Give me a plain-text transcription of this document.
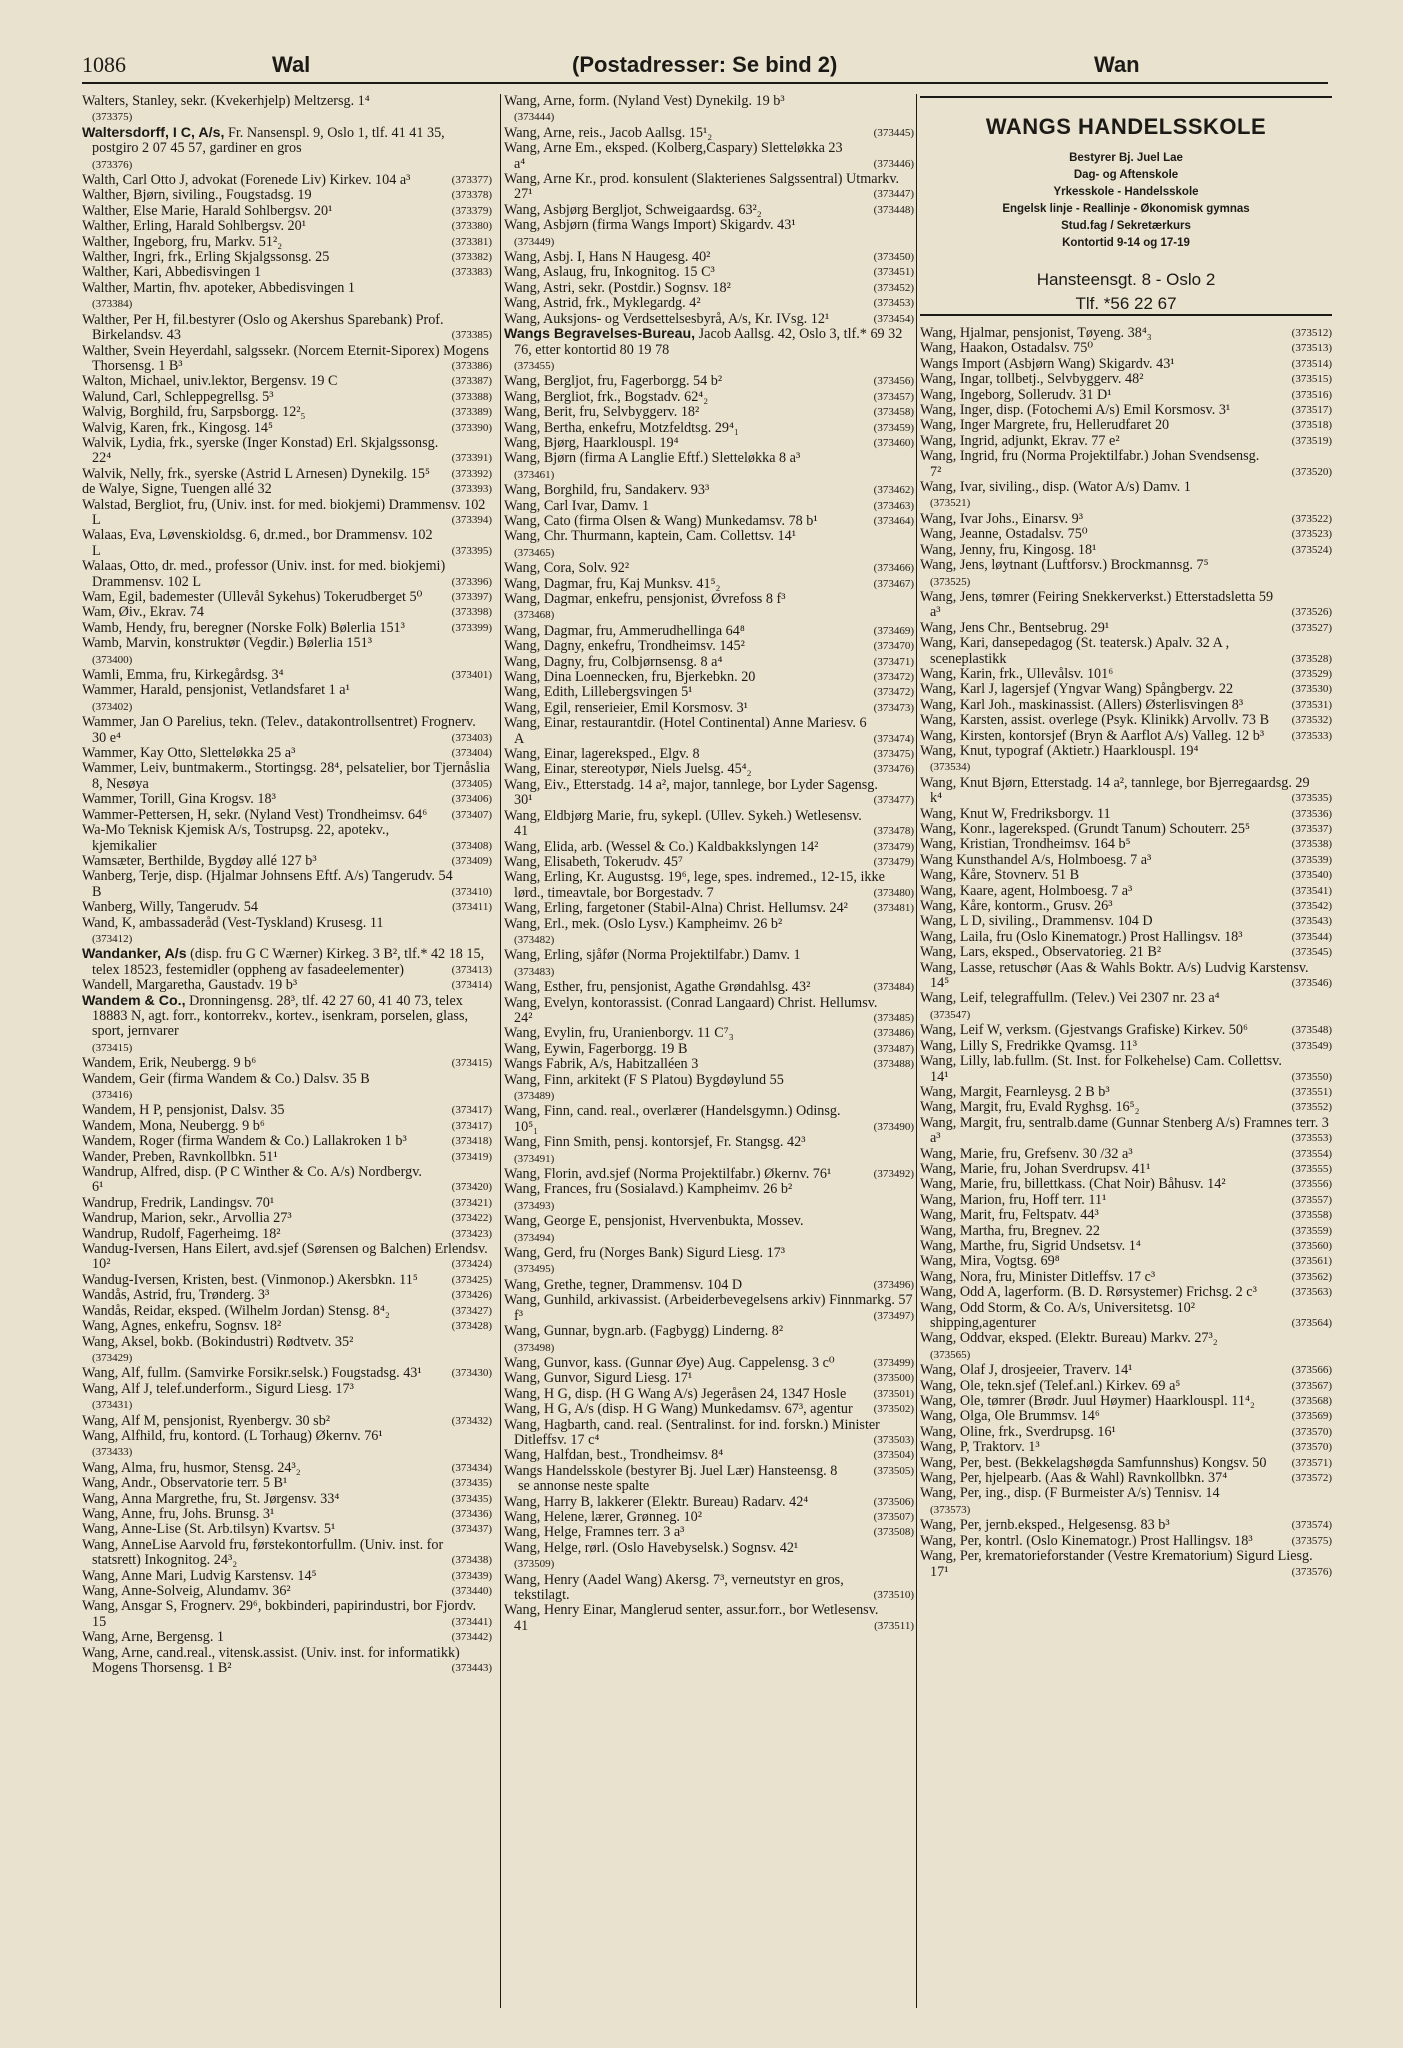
1086	Wal	(Postadresser: Se bind 2)	Wan
Walters, Stanley, sekr. (Kvekerhjelp) Meltzersg. 1⁴
(373375)
Waltersdorff, I C, A/s, Fr. Nansenspl. 9, Oslo 1, tlf. 41 41 35, postgiro 2 07 45 57, gardiner en gros
(373376)
Walth, Carl Otto J, advokat (Forenede Liv) Kirkev. 104 a³	(373377)
Walther, Bjørn, siviling., Fougstadsg. 19	(373378)
Walther, Else Marie, Harald Sohlbergsv. 20¹	(373379)
Walther, Erling, Harald Sohlbergsv. 20¹	(373380)
Walther, Ingeborg, fru, Markv. 51²₂	(373381)
Walther, Ingri, frk., Erling Skjalgssonsg. 25	(373382)
Walther, Kari, Abbedisvingen 1	(373383)
Walther, Martin, fhv. apoteker, Abbedisvingen 1
(373384)
Walther, Per H, fil.bestyrer (Oslo og Akershus Sparebank) Prof. Birkelandsv. 43	(373385)
Walther, Svein Heyerdahl, salgssekr. (Norcem Eternit-Siporex) Mogens Thorsensg. 1 B³	(373386)
Walton, Michael, univ.lektor, Bergensv. 19 C	(373387)
Walund, Carl, Schleppegrellsg. 5³	(373388)
Walvig, Borghild, fru, Sarpsborgg. 12²₅	(373389)
Walvig, Karen, frk., Kingosg. 14⁵	(373390)
Walvik, Lydia, frk., syerske (Inger Konstad) Erl. Skjalgssonsg. 22⁴	(373391)
Walvik, Nelly, frk., syerske (Astrid L Arnesen) Dynekilg. 15⁵ (373392)
de Walye, Signe, Tuengen allé 32	(373393)
Walstad, Bergliot, fru, (Univ. inst. for med. biokjemi) Drammensv. 102 L	(373394)
Walaas, Eva, Løvenskioldsg. 6, dr.med., bor Drammensv. 102 L	(373395)
Walaas, Otto, dr. med., professor (Univ. inst. for med. biokjemi) Drammensv. 102 L	(373396)
Wam, Egil, bademester (Ullevål Sykehus) Tokerudberget 5⁰	(373397)
Wam, Øiv., Ekrav. 74	(373398)
Wamb, Hendy, fru, beregner (Norske Folk) Bølerlia 151³	(373399)
Wamb, Marvin, konstruktør (Vegdir.) Bølerlia 151³
(373400)
Wamli, Emma, fru, Kirkegårdsg. 3⁴	(373401)
Wammer, Harald, pensjonist, Vetlandsfaret 1 a¹
(373402)
Wammer, Jan O Parelius, tekn. (Telev., datakontrollsentret) Frognerv. 30 e⁴	(373403)
Wammer, Kay Otto, Sletteløkka 25 a³	(373404)
Wammer, Leiv, buntmakerm., Stortingsg. 28⁴, pelsatelier, bor Tjernåslia 8, Nesøya	(373405)
Wammer, Torill, Gina Krogsv. 18³	(373406)
Wammer-Pettersen, H, sekr. (Nyland Vest) Trondheimsv. 64⁶ (373407)
Wa-Mo Teknisk Kjemisk A/s, Tostrupsg. 22, apotekv., kjemikalier	(373408)
Wamsæter, Berthilde, Bygdøy allé 127 b³	(373409)
Wanberg, Terje, disp. (Hjalmar Johnsens Eftf. A/s) Tangerudv. 54 B	(373410)
Wanberg, Willy, Tangerudv. 54	(373411)
Wand, K, ambassaderåd (Vest-Tyskland) Krusesg. 11
(373412)
Wandanker, A/s (disp. fru G C Wærner) Kirkeg. 3 B², tlf.* 42 18 15, telex 18523, festemidler (oppheng av fasadeelementer)	(373413)
Wandell, Margaretha, Gaustadv. 19 b³	(373414)
Wandem & Co., Dronningensg. 28³, tlf. 42 27 60, 41 40 73, telex 18883 N, agt. forr., kontorrekv., kortev., isenkram, porselen, glass, sport, jernvarer
(373415)
Wandem, Erik, Neubergg. 9 b⁶	(373415)
Wandem, Geir (firma Wandem & Co.) Dalsv. 35 B
(373416)
Wandem, H P, pensjonist, Dalsv. 35	(373417)
Wandem, Mona, Neubergg. 9 b⁶	(373417)
Wandem, Roger (firma Wandem & Co.) Lallakroken 1 b³	(373418)
Wander, Preben, Ravnkollbkn. 51¹	(373419)
Wandrup, Alfred, disp. (P C Winther & Co. A/s) Nordbergv. 6¹	(373420)
Wandrup, Fredrik, Landingsv. 70¹	(373421)
Wandrup, Marion, sekr., Arvollia 27³	(373422)
Wandrup, Rudolf, Fagerheimg. 18²	(373423)
Wandug-Iversen, Hans Eilert, avd.sjef (Sørensen og Balchen) Erlendsv. 10²	(373424)
Wandug-Iversen, Kristen, best. (Vinmonop.) Akersbkn. 11⁵	(373425)
Wandås, Astrid, fru, Trønderg. 3³	(373426)
Wandås, Reidar, eksped. (Wilhelm Jordan) Stensg. 8⁴₂	(373427)
Wang, Agnes, enkefru, Sognsv. 18²	(373428)
Wang, Aksel, bokb. (Bokindustri) Rødtvetv. 35²
(373429)
Wang, Alf, fullm. (Samvirke Forsikr.selsk.) Fougstadsg. 43¹	(373430)
Wang, Alf J, telef.underform., Sigurd Liesg. 17³
(373431)
Wang, Alf M, pensjonist, Ryenbergv. 30 sb²	(373432)
Wang, Alfhild, fru, kontord. (L Torhaug) Økernv. 76¹
(373433)
Wang, Alma, fru, husmor, Stensg. 24³₂	(373434)
Wang, Andr., Observatorie terr. 5 B¹	(373435)
Wang, Anna Margrethe, fru, St. Jørgensv. 33⁴	(373435)
Wang, Anne, fru, Johs. Brunsg. 3¹	(373436)
Wang, Anne-Lise (St. Arb.tilsyn) Kvartsv. 5¹	(373437)
Wang, AnneLise Aarvold fru, førstekontorfullm. (Univ. inst. for statsrett) Inkognitog. 24³₂	(373438)
Wang, Anne Mari, Ludvig Karstensv. 14⁵	(373439)
Wang, Anne-Solveig, Alundamv. 36²	(373440)
Wang, Ansgar S, Frognerv. 29⁶, bokbinderi, papirindustri, bor Fjordv. 15	(373441)
Wang, Arne, Bergensg. 1	(373442)
Wang, Arne, cand.real., vitensk.assist. (Univ. inst. for informatikk) Mogens Thorsensg. 1 B²	(373443)
Wang, Arne, form. (Nyland Vest) Dynekilg. 19 b³
(373444)
Wang, Arne, reis., Jacob Aallsg. 15¹₂	(373445)
Wang, Arne Em., eksped. (Kolberg,Caspary) Sletteløkka 23 a⁴	(373446)
Wang, Arne Kr., prod. konsulent (Slakterienes Salgssentral) Utmarkv. 27¹	(373447)
Wang, Asbjørg Bergljot, Schweigaardsg. 63²₂	(373448)
Wang, Asbjørn (firma Wangs Import) Skigardv. 43¹
(373449)
Wang, Asbj. I, Hans N Haugesg. 40²	(373450)
Wang, Aslaug, fru, Inkognitog. 15 C³	(373451)
Wang, Astri, sekr. (Postdir.) Sognsv. 18²	(373452)
Wang, Astrid, frk., Myklegardg. 4²	(373453)
Wang, Auksjons- og Verdsettelsesbyrå, A/s, Kr. IVsg. 12¹	(373454)
Wangs Begravelses-Bureau, Jacob Aallsg. 42, Oslo 3, tlf.* 69 32 76, etter kontortid 80 19 78
(373455)
Wang, Bergljot, fru, Fagerborgg. 54 b²	(373456)
Wang, Bergliot, frk., Bogstadv. 62⁴₂	(373457)
Wang, Berit, fru, Selvbyggerv. 18²	(373458)
Wang, Bertha, enkefru, Motzfeldtsg. 29⁴₁	(373459)
Wang, Bjørg, Haarklouspl. 19⁴	(373460)
Wang, Bjørn (firma A Langlie Eftf.) Sletteløkka 8 a³
(373461)
Wang, Borghild, fru, Sandakerv. 93³	(373462)
Wang, Carl Ivar, Damv. 1	(373463)
Wang, Cato (firma Olsen & Wang) Munkedamsv. 78 b¹	(373464)
Wang, Chr. Thurmann, kaptein, Cam. Collettsv. 14¹
(373465)
Wang, Cora, Solv. 92²	(373466)
Wang, Dagmar, fru, Kaj Munksv. 41⁵₂	(373467)
Wang, Dagmar, enkefru, pensjonist, Øvrefoss 8 f³
(373468)
Wang, Dagmar, fru, Ammerudhellinga 64⁸	(373469)
Wang, Dagny, enkefru, Trondheimsv. 145²	(373470)
Wang, Dagny, fru, Colbjørnsensg. 8 a⁴	(373471)
Wang, Dina Loennecken, fru, Bjerkebkn. 20	(373472)
Wang, Edith, Lillebergsvingen 5¹	(373472)
Wang, Egil, renserieier, Emil Korsmosv. 3¹	(373473)
Wang, Einar, restaurantdir. (Hotel Continental) Anne Mariesv. 6 A	(373474)
Wang, Einar, lagereksped., Elgv. 8	(373475)
Wang, Einar, stereotypør, Niels Juelsg. 45⁴₂	(373476)
Wang, Eiv., Etterstadg. 14 a², major, tannlege, bor Lyder Sagensg. 30¹	(373477)
Wang, Eldbjørg Marie, fru, sykepl. (Ullev. Sykeh.) Wetlesensv. 41	(373478)
Wang, Elida, arb. (Wessel & Co.) Kaldbakkslyngen 14²	(373479)
Wang, Elisabeth, Tokerudv. 45⁷	(373479)
Wang, Erling, Kr. Augustsg. 19⁶, lege, spes. indremed., 12-15, ikke lørd., timeavtale, bor Borgestadv. 7	(373480)
Wang, Erling, fargetoner (Stabil-Alna) Christ. Hellumsv. 24² (373481)
Wang, Erl., mek. (Oslo Lysv.) Kampheimv. 26 b²
(373482)
Wang, Erling, sjåfør (Norma Projektilfabr.) Damv. 1
(373483)
Wang, Esther, fru, pensjonist, Agathe Grøndahlsg. 43²	(373484)
Wang, Evelyn, kontorassist. (Conrad Langaard) Christ. Hellumsv. 24²	(373485)
Wang, Evylin, fru, Uranienborgv. 11 C⁷₃	(373486)
Wang, Eywin, Fagerborgg. 19 B	(373487)
Wangs Fabrik, A/s, Habitzalléen 3	(373488)
Wang, Finn, arkitekt (F S Platou) Bygdøylund 55
(373489)
Wang, Finn, cand. real., overlærer (Handelsgymn.) Odinsg. 10⁵₁	(373490)
Wang, Finn Smith, pensj. kontorsjef, Fr. Stangsg. 42³
(373491)
Wang, Florin, avd.sjef (Norma Projektilfabr.) Økernv. 76¹	(373492)
Wang, Frances, fru (Sosialavd.) Kampheimv. 26 b²
(373493)
Wang, George E, pensjonist, Hvervenbukta, Mossev.
(373494)
Wang, Gerd, fru (Norges Bank) Sigurd Liesg. 17³
(373495)
Wang, Grethe, tegner, Drammensv. 104 D	(373496)
Wang, Gunhild, arkivassist. (Arbeiderbevegelsens arkiv) Finnmarkg. 57 f³	(373497)
Wang, Gunnar, bygn.arb. (Fagbygg) Linderng. 8²
(373498)
Wang, Gunvor, kass. (Gunnar Øye) Aug. Cappelensg. 3 c⁰	(373499)
Wang, Gunvor, Sigurd Liesg. 17¹	(373500)
Wang, H G, disp. (H G Wang A/s) Jegeråsen 24, 1347 Hosle (373501)
Wang, H G, A/s (disp. H G Wang) Munkedamsv. 67³, agentur (373502)
Wang, Hagbarth, cand. real. (Sentralinst. for ind. forskn.) Minister Ditleffsv. 17 c⁴	(373503)
Wang, Halfdan, best., Trondheimsv. 8⁴	(373504)
Wangs Handelsskole (bestyrer Bj. Juel Lær) Hansteensg. 8	(373505)
se annonse neste spalte
Wang, Harry B, lakkerer (Elektr. Bureau) Radarv. 42⁴	(373506)
Wang, Helene, lærer, Grønneg. 10²	(373507)
Wang, Helge, Framnes terr. 3 a³	(373508)
Wang, Helge, rørl. (Oslo Havebyselsk.) Sognsv. 42¹
(373509)
Wang, Henry (Aadel Wang) Akersg. 7³, verneutstyr en gros, tekstilagt.	(373510)
Wang, Henry Einar, Manglerud senter, assur.forr., bor Wetlesensv. 41	(373511)
WANGS HANDELSSKOLE
Bestyrer Bj. Juel Lae
Dag- og Aftenskole
Yrkesskole - Handelsskole
Engelsk linje - Reallinje - Økonomisk gymnas
Stud.fag / Sekretærkurs
Kontortid 9-14 og 17-19
Hansteensgt. 8 - Oslo 2
Tlf. *56 22 67
Wang, Hjalmar, pensjonist, Tøyeng. 38⁴₃	(373512)
Wang, Haakon, Ostadalsv. 75⁰	(373513)
Wangs Import (Asbjørn Wang) Skigardv. 43¹	(373514)
Wang, Ingar, tollbetj., Selvbyggerv. 48²	(373515)
Wang, Ingeborg, Sollerudv. 31 D¹	(373516)
Wang, Inger, disp. (Fotochemi A/s) Emil Korsmosv. 3¹	(373517)
Wang, Inger Margrete, fru, Hellerudfaret 20	(373518)
Wang, Ingrid, adjunkt, Ekrav. 77 e²	(373519)
Wang, Ingrid, fru (Norma Projektilfabr.) Johan Svendsensg. 7²	(373520)
Wang, Ivar, siviling., disp. (Wator A/s) Damv. 1
(373521)
Wang, Ivar Johs., Einarsv. 9³	(373522)
Wang, Jeanne, Ostadalsv. 75⁰	(373523)
Wang, Jenny, fru, Kingosg. 18¹	(373524)
Wang, Jens, løytnant (Luftforsv.) Brockmannsg. 7⁵
(373525)
Wang, Jens, tømrer (Feiring Snekkerverkst.) Etterstadsletta 59 a³	(373526)
Wang, Jens Chr., Bentsebrug. 29¹	(373527)
Wang, Kari, dansepedagog (St. teatersk.) Apalv. 32 A , sceneplastikk	(373528)
Wang, Karin, frk., Ullevålsv. 101⁶	(373529)
Wang, Karl J, lagersjef (Yngvar Wang) Spångbergv. 22	(373530)
Wang, Karl Joh., maskinassist. (Allers) Østerlisvingen 8³	(373531)
Wang, Karsten, assist. overlege (Psyk. Klinikk) Arvollv. 73 B (373532)
Wang, Kirsten, kontorsjef (Bryn & Aarflot A/s) Valleg. 12 b³	(373533)
Wang, Knut, typograf (Aktietr.) Haarklouspl. 19⁴
(373534)
Wang, Knut Bjørn, Etterstadg. 14 a², tannlege, bor Bjerregaardsg. 29 k⁴	(373535)
Wang, Knut W, Fredriksborgv. 11	(373536)
Wang, Konr., lagereksped. (Grundt Tanum) Schouterr. 25⁵	(373537)
Wang, Kristian, Trondheimsv. 164 b⁵	(373538)
Wang Kunsthandel A/s, Holmboesg. 7 a³	(373539)
Wang, Kåre, Stovnerv. 51 B	(373540)
Wang, Kaare, agent, Holmboesg. 7 a³	(373541)
Wang, Kåre, kontorm., Grusv. 26³	(373542)
Wang, L D, siviling., Drammensv. 104 D	(373543)
Wang, Laila, fru (Oslo Kinematogr.) Prost Hallingsv. 18³	(373544)
Wang, Lars, eksped., Observatorieg. 21 B²	(373545)
Wang, Lasse, retuschør (Aas & Wahls Boktr. A/s) Ludvig Karstensv. 14⁵	(373546)
Wang, Leif, telegraffullm. (Telev.) Vei 2307 nr. 23 a⁴
(373547)
Wang, Leif W, verksm. (Gjestvangs Grafiske) Kirkev. 50⁶	(373548)
Wang, Lilly S, Fredrikke Qvamsg. 11³	(373549)
Wang, Lilly, lab.fullm. (St. Inst. for Folkehelse) Cam. Collettsv. 14¹	(373550)
Wang, Margit, Fearnleysg. 2 B b³	(373551)
Wang, Margit, fru, Evald Ryghsg. 16⁵₂	(373552)
Wang, Margit, fru, sentralb.dame (Gunnar Stenberg A/s) Framnes terr. 3 a³	(373553)
Wang, Marie, fru, Grefsenv. 30 /32 a³	(373554)
Wang, Marie, fru, Johan Sverdrupsv. 41¹	(373555)
Wang, Marie, fru, billettkass. (Chat Noir) Båhusv. 14²	(373556)
Wang, Marion, fru, Hoff terr. 11¹	(373557)
Wang, Marit, fru, Feltspatv. 44³	(373558)
Wang, Martha, fru, Bregnev. 22	(373559)
Wang, Marthe, fru, Sigrid Undsetsv. 1⁴	(373560)
Wang, Mira, Vogtsg. 69⁸	(373561)
Wang, Nora, fru, Minister Ditleffsv. 17 c³	(373562)
Wang, Odd A, lagerform. (B. D. Rørsystemer) Frichsg. 2 c³	(373563)
Wang, Odd Storm, & Co. A/s, Universitetsg. 10² shipping,agenturer	(373564)
Wang, Oddvar, eksped. (Elektr. Bureau) Markv. 27³₂
(373565)
Wang, Olaf J, drosjeeier, Traverv. 14¹	(373566)
Wang, Ole, tekn.sjef (Telef.anl.) Kirkev. 69 a⁵	(373567)
Wang, Ole, tømrer (Brødr. Juul Høymer) Haarklouspl. 11⁴₂	(373568)
Wang, Olga, Ole Brummsv. 14⁶	(373569)
Wang, Oline, frk., Sverdrupsg. 16¹	(373570)
Wang, P, Traktorv. 1³	(373570)
Wang, Per, best. (Bekkelagshøgda Samfunnshus) Kongsv. 50 (373571)
Wang, Per, hjelpearb. (Aas & Wahl) Ravnkollbkn. 37⁴	(373572)
Wang, Per, ing., disp. (F Burmeister A/s) Tennisv. 14
(373573)
Wang, Per, jernb.eksped., Helgesensg. 83 b³	(373574)
Wang, Per, kontrl. (Oslo Kinematogr.) Prost Hallingsv. 18³	(373575)
Wang, Per, krematorieforstander (Vestre Krematorium) Sigurd Liesg. 17¹	(373576)
